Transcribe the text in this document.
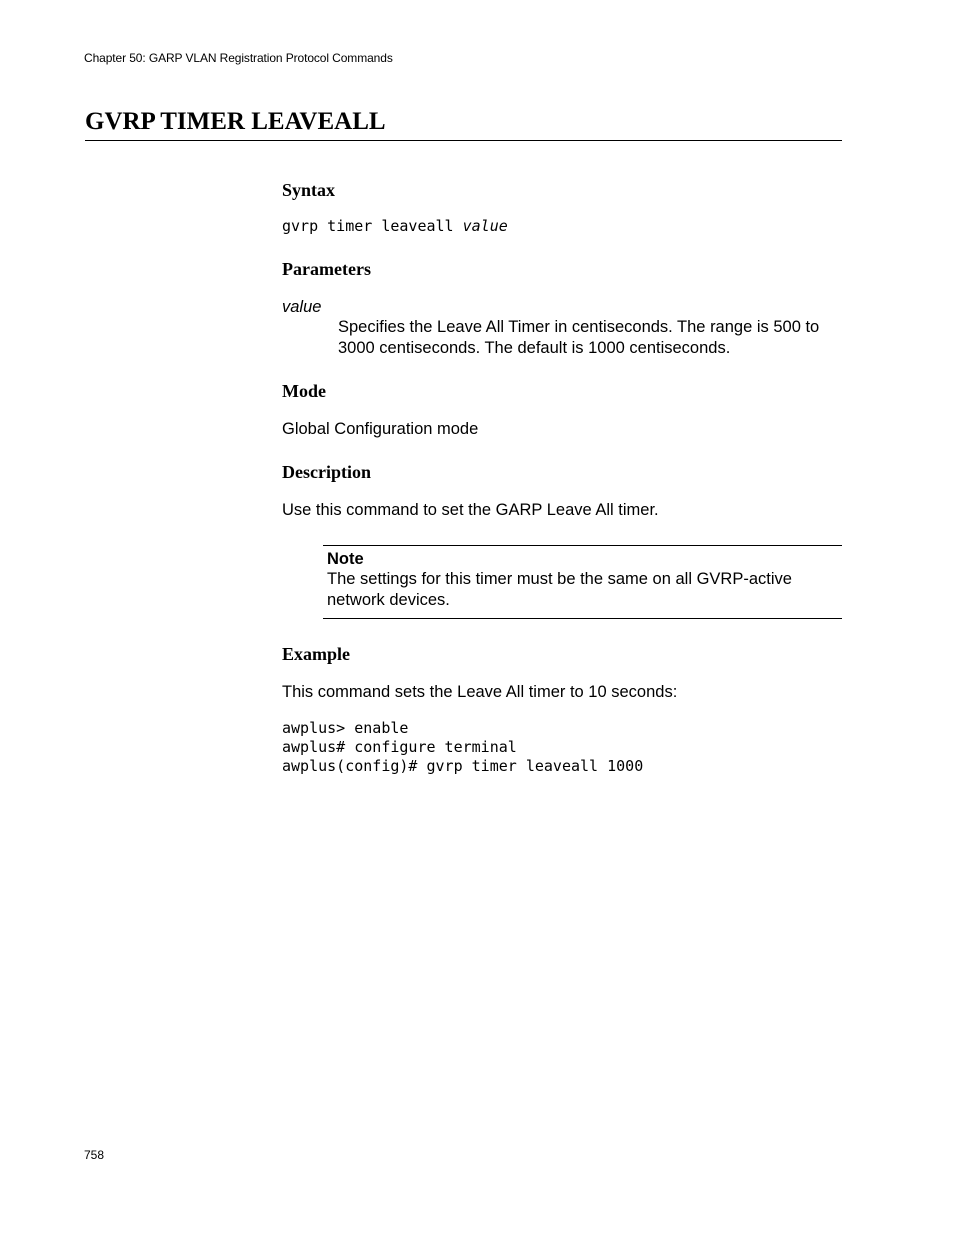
Chapter 50: GARP VLAN Registration Protocol Commands
GVRP TIMER LEAVEALL
Syntax
gvrp timer leaveall value
Parameters
value
Specifies the Leave All Timer in centiseconds. The range is 500 to 3000 centiseconds. The default is 1000 centiseconds.
Mode
Global Configuration mode
Description
Use this command to set the GARP Leave All timer.
Note
The settings for this timer must be the same on all GVRP-active network devices.
Example
This command sets the Leave All timer to 10 seconds:
awplus> enable
awplus# configure terminal
awplus(config)# gvrp timer leaveall 1000
758
